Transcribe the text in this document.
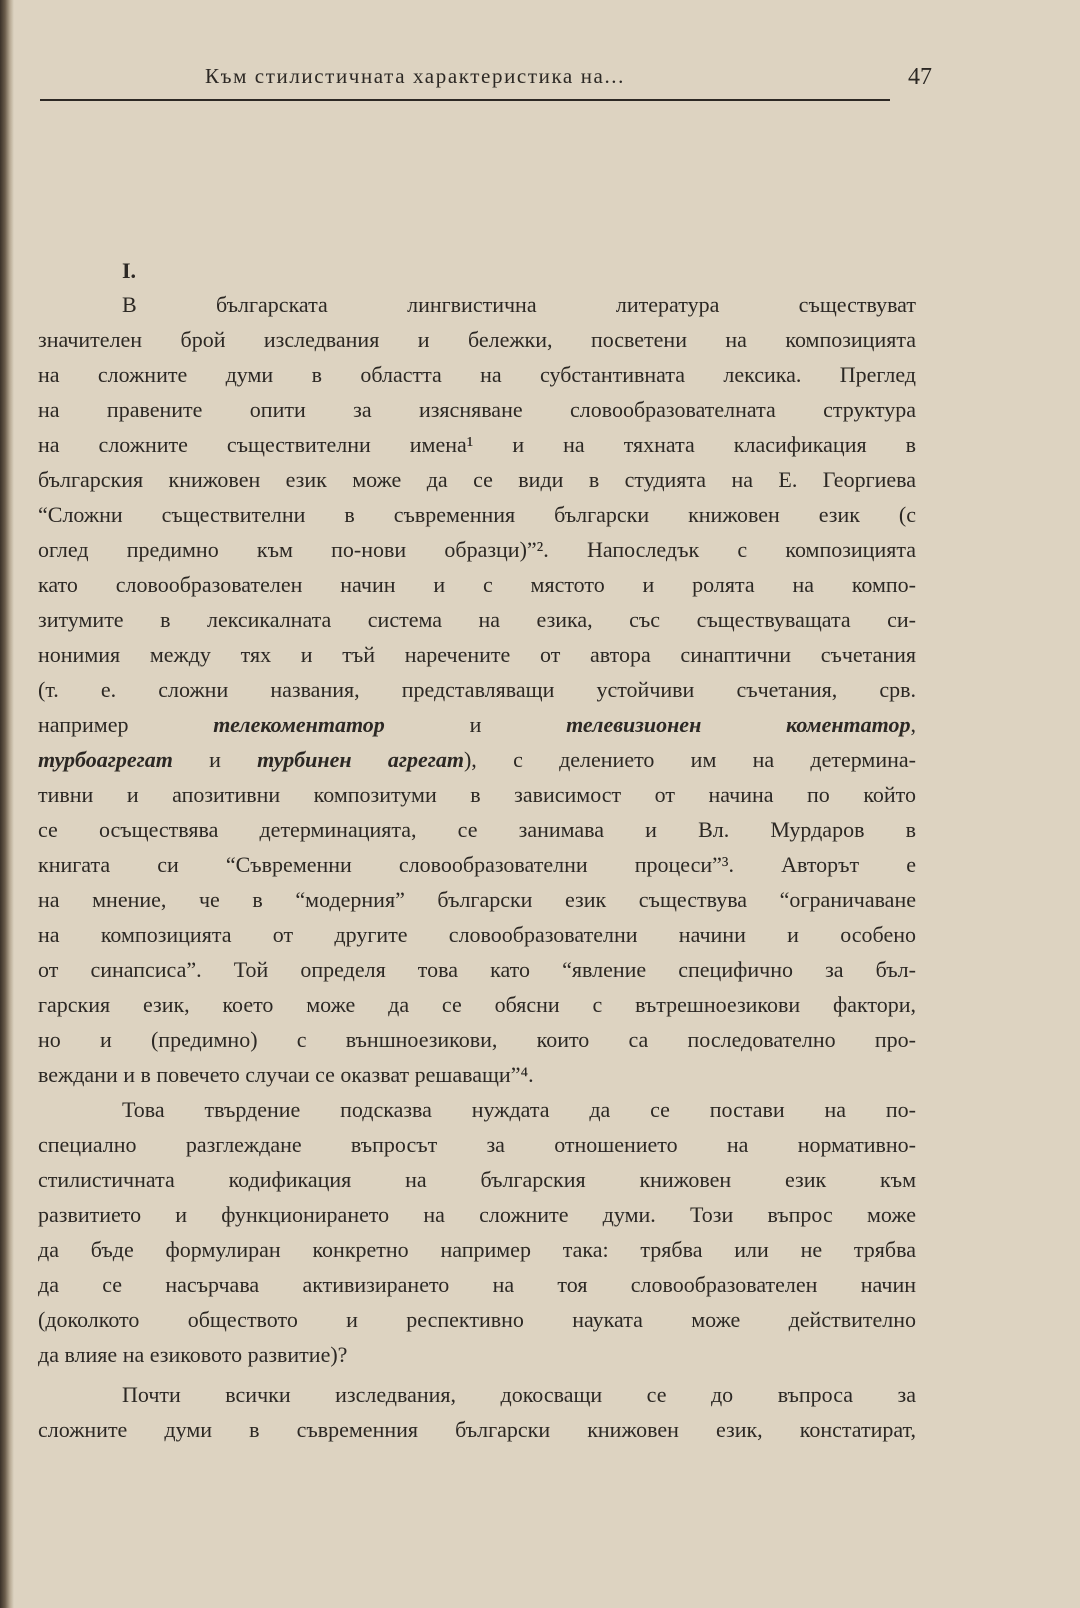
Към стилистичната характеристика на...	47
I.
В българската лингвистична литература съществуват
значителен брой изследвания и бележки, посветени на композицията
на сложните думи в областта на субстантивната лексика. Преглед
на правените опити за изясняване словообразователната структура
на сложните съществителни имена¹ и на тяхната класификация в
българския книжовен език може да се види в студията на Е. Георгиева
“Сложни съществителни в съвременния български книжовен език (с
оглед предимно към по-нови образци)”². Напоследък с композицията
като словообразователен начин и с мястото и ролята на компо-
зитумите в лексикалната система на езика, със съществуващата си-
нонимия между тях и тъй наречените от автора синаптични съчетания
(т. е. сложни названия, представляващи устойчиви съчетания, срв.
например телекоментатор и телевизионен коментатор,
турбоагрегат и турбинен агрегат), с делението им на детермина-
тивни и апозитивни композитуми в зависимост от начина по който
се осъществява детерминацията, се занимава и Вл. Мурдаров в
книгата си “Съвременни словообразователни процеси”³. Авторът е
на мнение, че в “модерния” български език съществува “ограничаване
на композицията от другите словообразователни начини и особено
от синапсиса”. Той определя това като “явление специфично за бъл-
гарския език, което може да се обясни с вътрешноезикови фактори,
но и (предимно) с външноезикови, които са последователно про-
веждани и в повечето случаи се оказват решаващи”⁴.
Това твърдение подсказва нуждата да се постави на по-
специално разглеждане въпросът за отношението на нормативно-
стилистичната кодификация на българския книжовен език към
развитието и функционирането на сложните думи. Този въпрос може
да бъде формулиран конкретно например така: трябва или не трябва
да се насърчава активизирането на тоя словообразователен начин
(доколкото обществото и респективно науката може действително
да влияе на езиковото развитие)?
Почти всички изследвания, докосващи се до въпроса за
сложните думи в съвременния български книжовен език, констатират,
